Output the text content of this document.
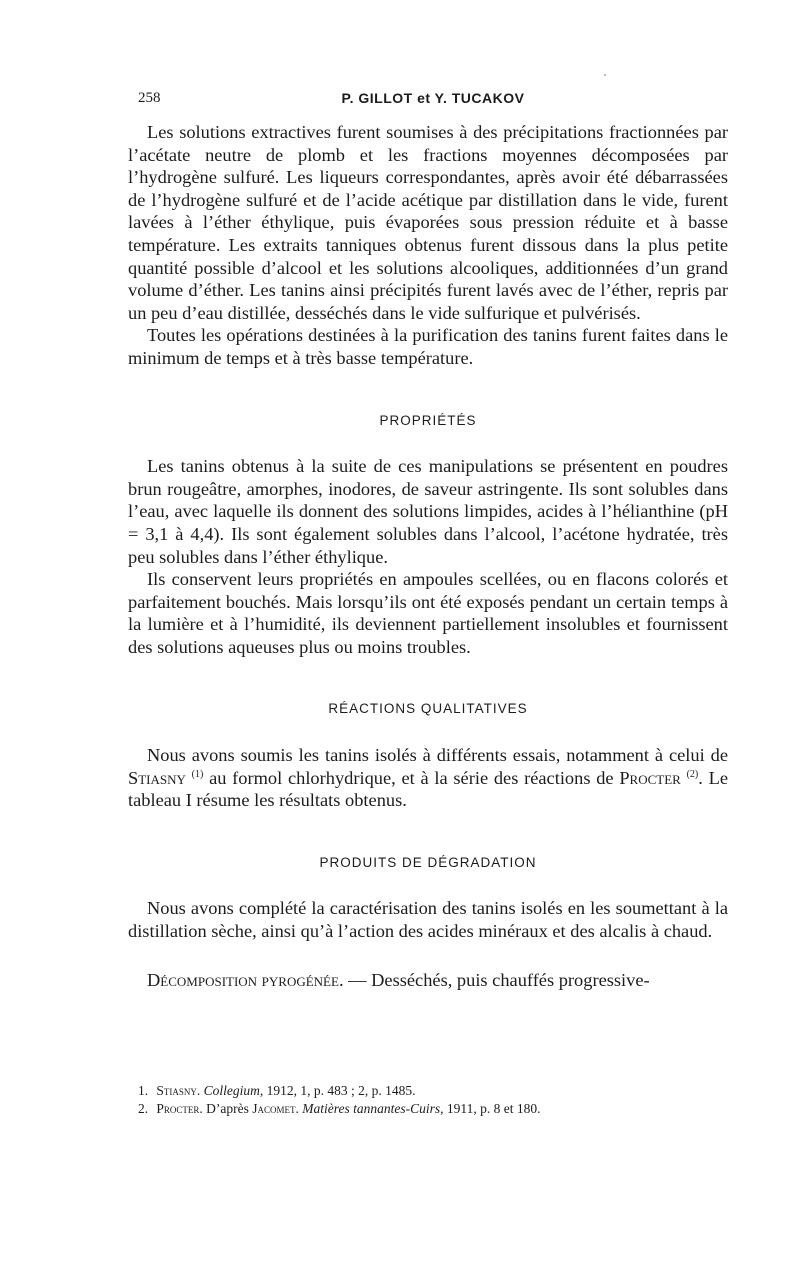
258	P. GILLOT et Y. TUCAKOV

Les solutions extractives furent soumises à des précipitations fractionnées par l’acétate neutre de plomb et les fractions moyennes décomposées par l’hydrogène sulfuré. Les liqueurs correspondantes, après avoir été débarrassées de l’hydrogène sulfuré et de l’acide acétique par distillation dans le vide, furent lavées à l’éther éthylique, puis évaporées sous pression réduite et à basse température. Les extraits tanniques obtenus furent dissous dans la plus petite quantité possible d’alcool et les solutions alcooliques, additionnées d’un grand volume d’éther. Les tanins ainsi précipités furent lavés avec de l’éther, repris par un peu d’eau distillée, desséchés dans le vide sulfurique et pulvérisés.

Toutes les opérations destinées à la purification des tanins furent faites dans le minimum de temps et à très basse température.

PROPRIÉTÉS

Les tanins obtenus à la suite de ces manipulations se présentent en poudres brun rougeâtre, amorphes, inodores, de saveur astringente. Ils sont solubles dans l’eau, avec laquelle ils donnent des solutions limpides, acides à l’hélianthine (pH = 3,1 à 4,4). Ils sont également solubles dans l’alcool, l’acétone hydratée, très peu solubles dans l’éther éthylique.

Ils conservent leurs propriétés en ampoules scellées, ou en flacons colorés et parfaitement bouchés. Mais lorsqu’ils ont été exposés pendant un certain temps à la lumière et à l’humidité, ils deviennent partiellement insolubles et fournissent des solutions aqueuses plus ou moins troubles.

RÉACTIONS QUALITATIVES

Nous avons soumis les tanins isolés à différents essais, notamment à celui de Stiasny $^{(1)}$ au formol chlorhydrique, et à la série des réactions de Procter $^{(2)}$. Le tableau I résume les résultats obtenus.

PRODUITS DE DÉGRADATION

Nous avons complété la caractérisation des tanins isolés en les soumettant à la distillation sèche, ainsi qu’à l’action des acides minéraux et des alcalis à chaud.

Décomposition pyrogénée. — Desséchés, puis chauffés progressive-

1. Stiasny. Collegium, 1912, 1, p. 483 ; 2, p. 1485.

2. Procter. D’après Jacomet. Matières tannantes-Cuirs, 1911, p. 8 et 180.
